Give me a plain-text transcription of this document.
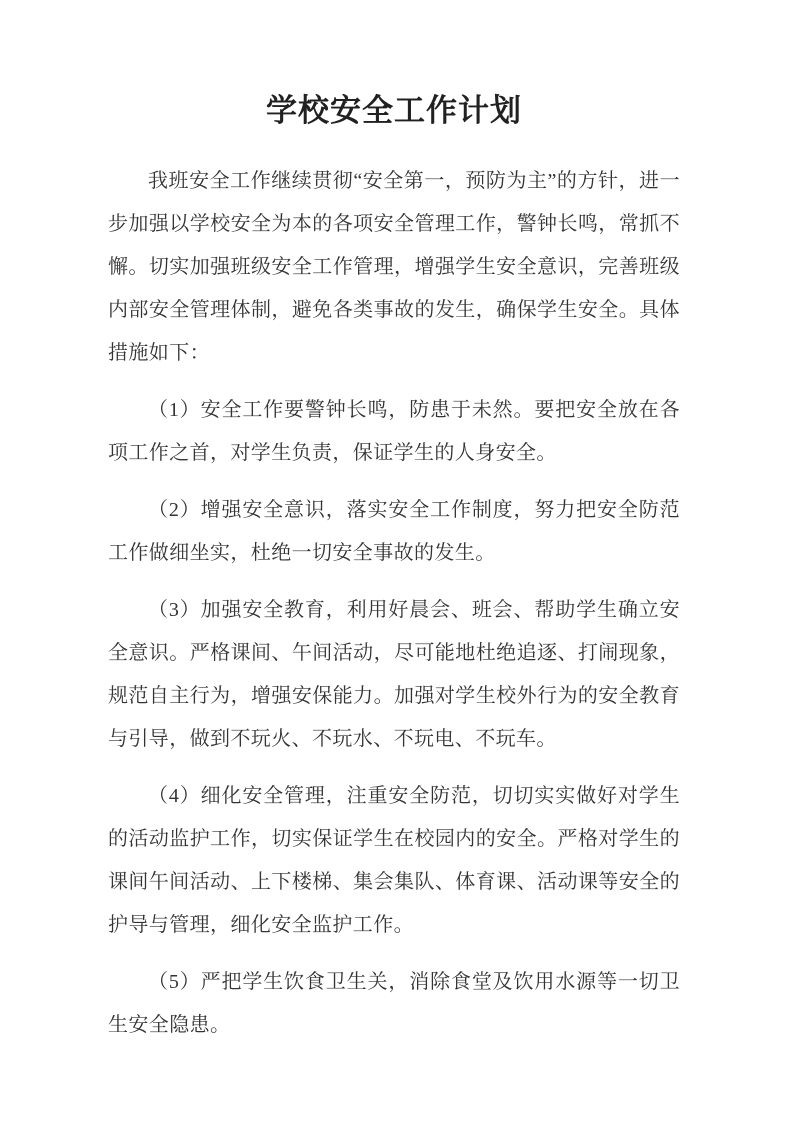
学校安全工作计划

我班安全工作继续贯彻“安全第一，预防为主”的方针，进一步加强以学校安全为本的各项安全管理工作，警钟长鸣，常抓不懈。切实加强班级安全工作管理，增强学生安全意识，完善班级内部安全管理体制，避免各类事故的发生，确保学生安全。具体措施如下：

（1）安全工作要警钟长鸣，防患于未然。要把安全放在各项工作之首，对学生负责，保证学生的人身安全。

（2）增强安全意识，落实安全工作制度，努力把安全防范工作做细坐实，杜绝一切安全事故的发生。

（3）加强安全教育，利用好晨会、班会、帮助学生确立安全意识。严格课间、午间活动，尽可能地杜绝追逐、打闹现象，规范自主行为，增强安保能力。加强对学生校外行为的安全教育与引导，做到不玩火、不玩水、不玩电、不玩车。

（4）细化安全管理，注重安全防范，切切实实做好对学生的活动监护工作，切实保证学生在校园内的安全。严格对学生的课间午间活动、上下楼梯、集会集队、体育课、活动课等安全的护导与管理，细化安全监护工作。

（5）严把学生饮食卫生关，消除食堂及饮用水源等一切卫生安全隐患。
